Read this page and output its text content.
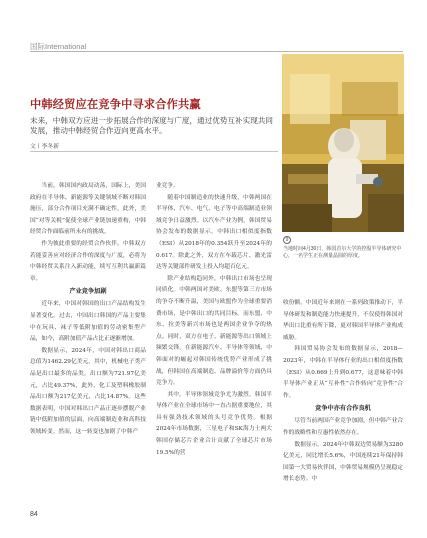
国际International
9
当地时间4月30日，韩国首尔大学的控股半导体研究中心，一名学生正在测量晶圆的厚度。
中韩经贸应在竞争中寻求合作共赢
未来，中韩双方应进一步拓展合作的深度与广度，通过优势互补实现共同发展，推动中韩经贸合作迈向更高水平。
文丨李冬新

当前，韩国国内政局动荡，国际上，美国政府在半导体、新能源等关键领域不断对韩国施压，部分合作项目充满不确定性，此外，美国“对等关税”促使全球产业链加速重构，中韩经贸合作面临前所未有的挑战。

作为彼此重要的经贸合作伙伴，中韩双方若能妥善应对经济合作的深度与广度，必将为中韩经贸关系注入新动能，续写互利共赢新篇章。

产业竞争加剧

近年来，中国对韩国的出口产品结构发生显著变化。过去，中国出口韩国的产品主要集中在玩具、袜子等低附加值的劳动密集型产品，如今，高附加值产品占比正逐渐增加。

数据显示，2024年，中国对韩出口商品总值为1462.29亿美元，其中，机械电子类产品是出口最多的品类，出口额为721.97亿美元，占比49.37%，此外，化工及塑料橡胶制品出口额为217亿美元，占比14.87%。这些数据表明，中国对韩出口产品正逐步摆脱产业链中低附加值的层面，向高端制造业和高科技领域转变。然而，这一转变也加剧了中韩产

业竞争。

随着中国制造业的快速升级，中韩两国在半导体、汽车、电气、电子等中高端制造业领域竞争日益激烈。以汽车产业为例，韩国贸易协会发布的数据显示，中韩出口相似度指数（ESI）从2018年的0.354跃升至2024年的0.617。除此之外，双方在车载芯片、激光雷达等关键部件研发上投入均超百亿元。

除产业结构趋同外，中韩出口市场也呈现同质化。中韩两国对美欧、东盟等第三方市场的争夺不断升温，美国与欧盟作为全球重要消费市场，是中韩出口的共同目标。而东盟、中东、拉美等新兴市场也是两国企业争夺的热点。同时，双方在电子、新能源等出口领域上频繁交锋。在新能源汽车、半导体等领域，中韩面对的崛起对韩国传统优势产业形成了挑战，但韩国在高端制造、品牌溢价等方面仍具竞争力。

其中，半导体领域竞争尤为激烈。韩国半导体产业在全球市场中一直占据重要地位，其具有强劲技术领域的头号竞争优势。根据2024年市场数据，三星电子和SK海力士两大韩国存储芯片企业合计贡献了全球芯片市场19.5%的营

收份额。中国近年来则在一系列政策推动下，半导体研发和制造能力快速提升，不仅使得韩国对华出口比重有所下降，更对韩国半导体产业构成威胁。

韩国贸易协会发布的数据显示，2018—2023年，中韩在半导体行业的出口相似度指数（ESI）从0.669上升到0.677，这意味着中韩半导体产业正从“互补性”合作转向“竞争性”合作。

竞争中亦有合作良机

尽管当前两国产业竞争加剧，但中韩产业合作的战略性和互惠性依然存在。

数据显示，2024年中韩双边贸易额为3280亿美元，同比增长5.6%，中国连续21年保持韩国第一大贸易伙伴国，中韩贸易规模仍呈现稳定增长态势。中

84
